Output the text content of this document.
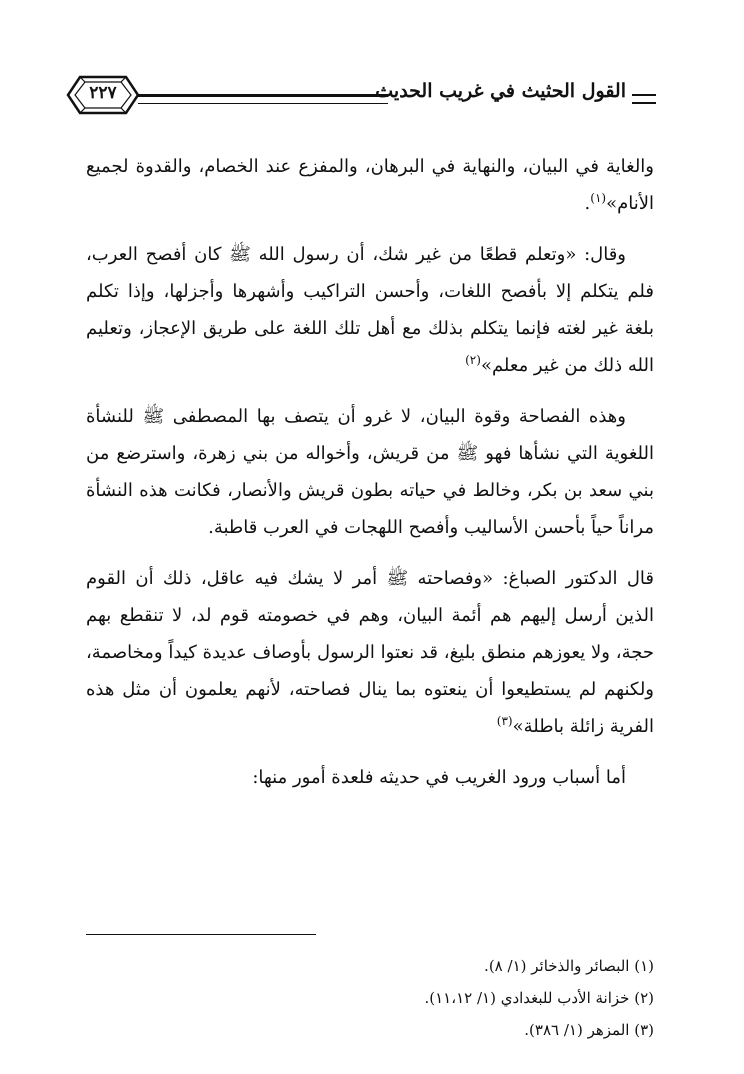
القول الحثيث في غريب الحديث
٢٢٧

والغاية في البيان، والنهاية في البرهان، والمفزع عند الخصام، والقدوة لجميع الأنام»$^{(١)}$.

وقال: «وتعلم قطعًا من غير شك، أن رسول الله ﷺ كان أفصح العرب، فلم يتكلم إلا بأفصح اللغات، وأحسن التراكيب وأشهرها وأجزلها، وإذا تكلم بلغة غير لغته فإنما يتكلم بذلك مع أهل تلك اللغة على طريق الإعجاز، وتعليم الله ذلك من غير معلم»$^{(٢)}$

وهذه الفصاحة وقوة البيان، لا غرو أن يتصف بها المصطفى ﷺ للنشأة اللغوية التي نشأها فهو ﷺ من قريش، وأخواله من بني زهرة، واسترضع من بني سعد بن بكر، وخالط في حياته بطون قريش والأنصار، فكانت هذه النشأة مراناً حياً بأحسن الأساليب وأفصح اللهجات في العرب قاطبة.

قال الدكتور الصباغ: «وفصاحته ﷺ أمر لا يشك فيه عاقل، ذلك أن القوم الذين أرسل إليهم هم أئمة البيان، وهم في خصومته قوم لد، لا تنقطع بهم حجة، ولا يعوزهم منطق بليغ، قد نعتوا الرسول بأوصاف عديدة كيداً ومخاصمة، ولكنهم لم يستطيعوا أن ينعتوه بما ينال فصاحته، لأنهم يعلمون أن مثل هذه الفرية زائلة باطلة»$^{(٣)}$

أما أسباب ورود الغريب في حديثه فلعدة أمور منها:

(١) البصائر والذخائر (١/ ٨).
(٢) خزانة الأدب للبغدادي (١/ ١١،١٢).
(٣) المزهر (١/ ٣٨٦).
